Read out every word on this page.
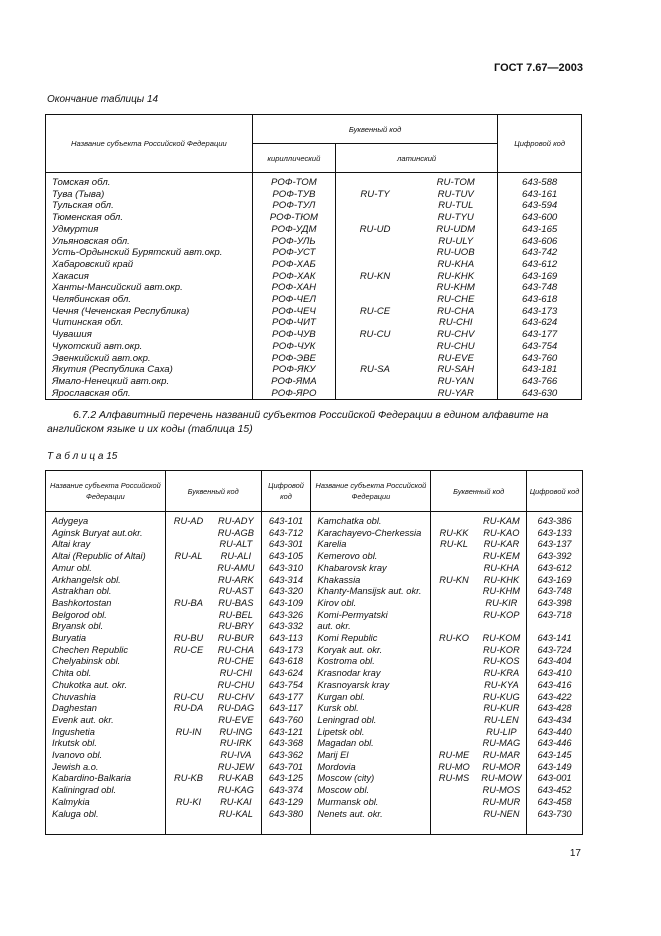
ГОСТ 7.67—2003
Окончание таблицы 14
Название субъекта Российской Федерации	Буквенный код			Цифровой код
	кириллический	латинский		
Томская обл.	РОФ-ТОМ		RU-TOM	643-588
Тува (Тыва)	РОФ-ТУВ	RU-TY	RU-TUV	643-161
Тульская обл.	РОФ-ТУЛ		RU-TUL	643-594
Тюменская обл.	РОФ-ТЮМ		RU-TYU	643-600
Удмуртия	РОФ-УДМ	RU-UD	RU-UDM	643-165
Ульяновская обл.	РОФ-УЛЬ		RU-ULY	643-606
Усть-Ордынский Бурятский авт.окр.	РОФ-УСТ		RU-UOB	643-742
Хабаровский край	РОФ-ХАБ		RU-KHA	643-612
Хакасия	РОФ-ХАК	RU-KN	RU-KHK	643-169
Ханты-Мансийский авт.окр.	РОФ-ХАН		RU-KHM	643-748
Челябинская обл.	РОФ-ЧЕЛ		RU-CHE	643-618
Чечня (Чеченская Республика)	РОФ-ЧЕЧ	RU-CE	RU-CHA	643-173
Читинская обл.	РОФ-ЧИТ		RU-CHI	643-624
Чувашия	РОФ-ЧУВ	RU-CU	RU-CHV	643-177
Чукотский авт.окр.	РОФ-ЧУК		RU-CHU	643-754
Эвенкийский авт.окр.	РОФ-ЭВЕ		RU-EVE	643-760
Якутия (Республика Саха)	РОФ-ЯКУ	RU-SA	RU-SAH	643-181
Ямало-Ненецкий авт.окр.	РОФ-ЯМА		RU-YAN	643-766
Ярославская обл.	РОФ-ЯРО		RU-YAR	643-630
6.7.2 Алфавитный перечень названий субъектов Российской Федерации в едином алфавите на английском языке и их коды (таблица 15)
Т а б л и ц а 15
Название субъекта Российской Федерации	Буквенный код		Цифровой код	Название субъекта Российской Федерации	Буквенный код		Цифровой код
Adygeya	RU-AD	RU-ADY	643-101	Kamchatka obl.		RU-KAM	643-386
Aginsk Buryat aut.okr.		RU-AGB	643-712	Karachayevo-Cherkessia	RU-KK	RU-KAO	643-133
Altai kray		RU-ALT	643-301	Karelia	RU-KL	RU-KAR	643-137
Altai (Republic of Altai)	RU-AL	RU-ALI	643-105	Kemerovo obl.		RU-KEM	643-392
Amur obl.		RU-AMU	643-310	Khabarovsk kray		RU-KHA	643-612
Arkhangelsk obl.		RU-ARK	643-314	Khakassia	RU-KN	RU-KHK	643-169
Astrakhan obl.		RU-AST	643-320	Khanty-Mansijsk aut. okr.		RU-KHM	643-748
Bashkortostan	RU-BA	RU-BAS	643-109	Kirov obl.		RU-KIR	643-398
Belgorod obl.		RU-BEL	643-326	Komi-Permyatski		RU-KOP	643-718
Bryansk obl.		RU-BRY	643-332	aut. okr.			
Buryatia	RU-BU	RU-BUR	643-113	Komi Republic	RU-KO	RU-KOM	643-141
Chechen Republic	RU-CE	RU-CHA	643-173	Koryak aut. okr.		RU-KOR	643-724
Chelyabinsk obl.		RU-CHE	643-618	Kostroma obl.		RU-KOS	643-404
Chita obl.		RU-CHI	643-624	Krasnodar kray		RU-KRA	643-410
Chukotka aut. okr.		RU-CHU	643-754	Krasnoyarsk kray		RU-KYA	643-416
Chuvashia	RU-CU	RU-CHV	643-177	Kurgan obl.		RU-KUG	643-422
Daghestan	RU-DA	RU-DAG	643-117	Kursk obl.		RU-KUR	643-428
Evenk aut. okr.		RU-EVE	643-760	Leningrad obl.		RU-LEN	643-434
Ingushetia	RU-IN	RU-ING	643-121	Lipetsk obl.		RU-LIP	643-440
Irkutsk obl.		RU-IRK	643-368	Magadan obl.		RU-MAG	643-446
Ivanovo obl.		RU-IVA	643-362	Marij El	RU-ME	RU-MAR	643-145
Jewish a.o.		RU-JEW	643-701	Mordovia	RU-MO	RU-MOR	643-149
Kabardino-Balkaria	RU-KB	RU-KAB	643-125	Moscow (city)	RU-MS	RU-MOW	643-001
Kaliningrad obl.		RU-KAG	643-374	Moscow obl.		RU-MOS	643-452
Kalmykia	RU-KI	RU-KAI	643-129	Murmansk obl.		RU-MUR	643-458
Kaluga obl.		RU-KAL	643-380	Nenets aut. okr.		RU-NEN	643-730
17
